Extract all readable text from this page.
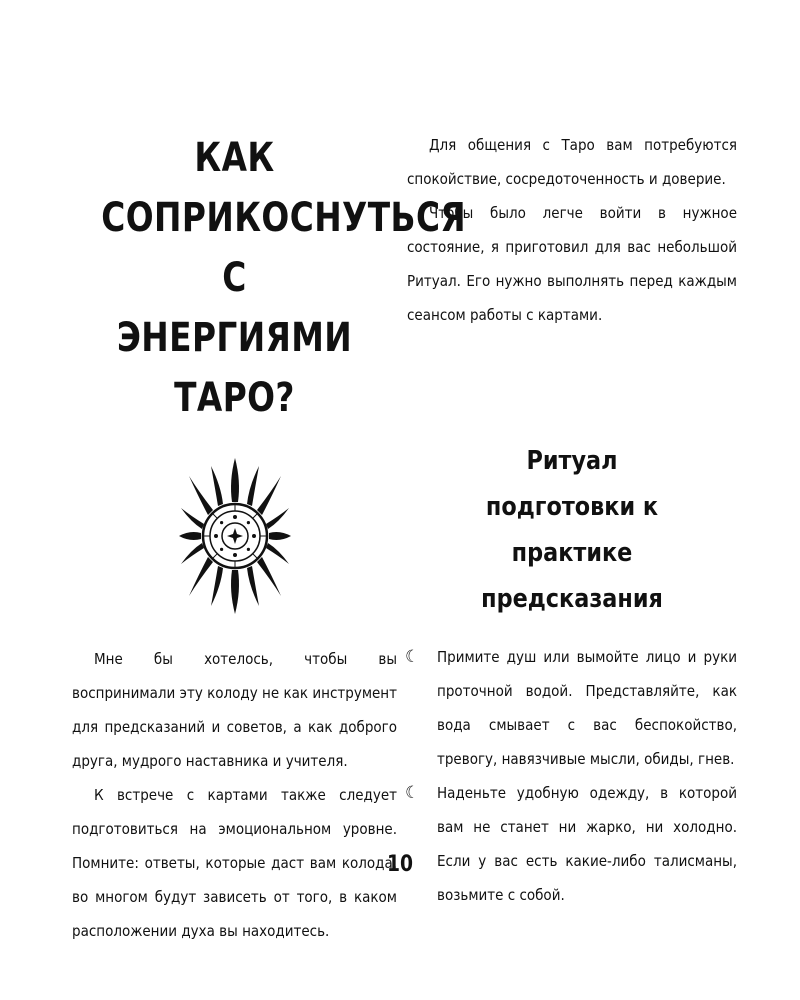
КАК
СОПРИКОСНУТЬСЯ
С ЭНЕРГИЯМИ
ТАРО?

Мне бы хотелось, чтобы вы воспринимали эту колоду не как инструмент для предсказаний и советов, а как доброго друга, мудрого наставника и учителя.

К встрече с картами также следует подготовиться на эмоциональном уровне. Помните: ответы, которые даст вам колода, во многом будут зависеть от того, в каком расположении духа вы находитесь.

Для общения с Таро вам потребуются спокойствие, сосредоточенность и доверие.

Чтобы было легче войти в нужное состояние, я приготовил для вас небольшой Ритуал. Его нужно выполнять перед каждым сеансом работы с картами.

Ритуал
подготовки к практике
предсказания
☾ Примите душ или вымойте лицо и руки проточной водой. Представляйте, как вода смывает с вас беспокойство, тревогу, навязчивые мысли, обиды, гнев.
☾ Наденьте удобную одежду, в которой вам не станет ни жарко, ни холодно. Если у вас есть какие-либо талисманы, возьмите с собой.
10
